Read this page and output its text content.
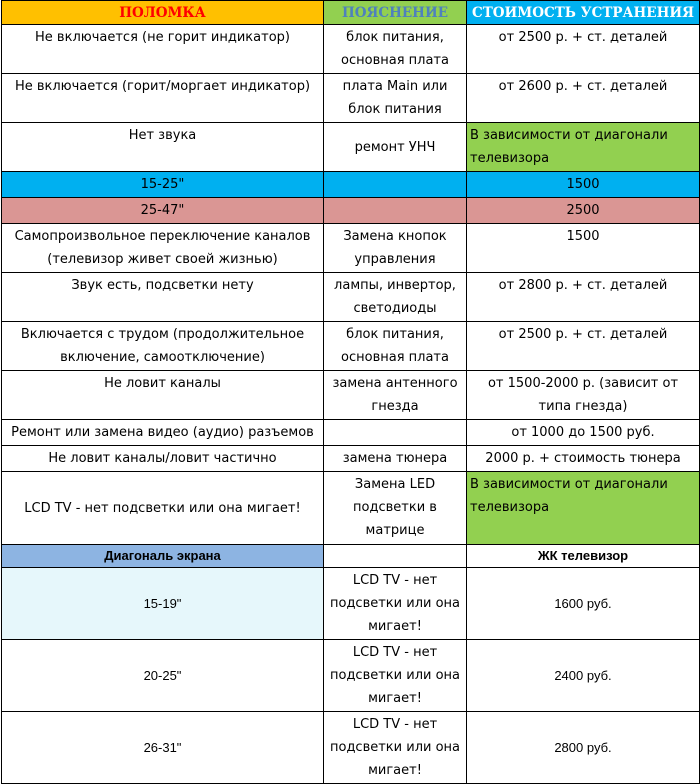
ПОЛОМКА	ПОЯСНЕНИЕ	СТОИМОСТЬ УСТРАНЕНИЯ
Не включается (не горит индикатор)	блок питания, основная плата	от 2500 р. + ст. деталей
Не включается (горит/моргает индикатор)	плата Main или блок питания	от 2600 р. + ст. деталей
Нет звука	ремонт УНЧ	В зависимости от диагонали телевизора
15-25"		1500
25-47"		2500
Самопроизвольное переключение каналов (телевизор живет своей жизнью)	Замена кнопок управления	1500
Звук есть, подсветки нету	лампы, инвертор, светодиоды	от 2800 р. + ст. деталей
Включается с трудом (продолжительное включение, самоотключение)	блок питания, основная плата	от 2500 р. + ст. деталей
Не ловит каналы	замена антенного гнезда	от 1500-2000 р. (зависит от типа гнезда)
Ремонт или замена видео (аудио) разъемов		от 1000 до 1500 руб.
Не ловит каналы/ловит частично	замена тюнера	2000 р. + стоимость тюнера
LCD TV - нет подсветки или она мигает!	Замена LED подсветки в матрице	В зависимости от диагонали телевизора
Диагональ экрана		ЖК телевизор
15-19"	LCD TV - нет подсветки или она мигает!	1600 руб.
20-25"	LCD TV - нет подсветки или она мигает!	2400 руб.
26-31"	LCD TV - нет подсветки или она мигает!	2800 руб.
